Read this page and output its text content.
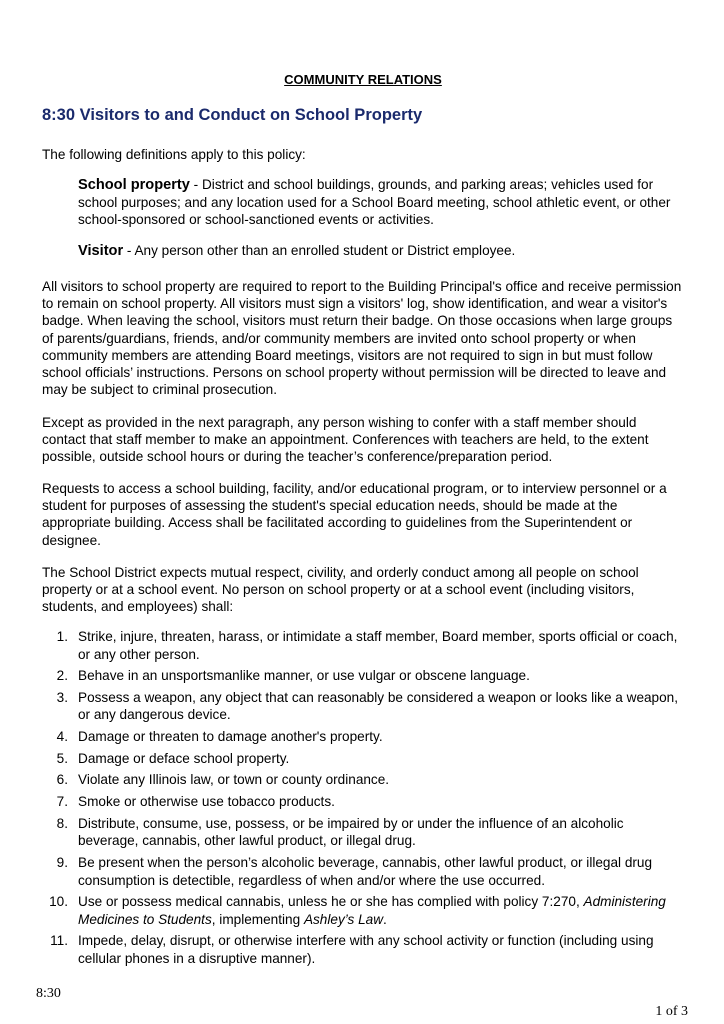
COMMUNITY RELATIONS
8:30 Visitors to and Conduct on School Property

The following definitions apply to this policy:

School property - District and school buildings, grounds, and parking areas; vehicles used for school purposes; and any location used for a School Board meeting, school athletic event, or other school-sponsored or school-sanctioned events or activities.

Visitor - Any person other than an enrolled student or District employee.

All visitors to school property are required to report to the Building Principal's office and receive permission to remain on school property. All visitors must sign a visitors' log, show identification, and wear a visitor's badge. When leaving the school, visitors must return their badge. On those occasions when large groups of parents/guardians, friends, and/or community members are invited onto school property or when community members are attending Board meetings, visitors are not required to sign in but must follow school officials’ instructions. Persons on school property without permission will be directed to leave and may be subject to criminal prosecution.

Except as provided in the next paragraph, any person wishing to confer with a staff member should contact that staff member to make an appointment. Conferences with teachers are held, to the extent possible, outside school hours or during the teacher’s conference/preparation period.

Requests to access a school building, facility, and/or educational program, or to interview personnel or a student for purposes of assessing the student's special education needs, should be made at the appropriate building. Access shall be facilitated according to guidelines from the Superintendent or designee.

The School District expects mutual respect, civility, and orderly conduct among all people on school property or at a school event. No person on school property or at a school event (including visitors, students, and employees) shall:

1. Strike, injure, threaten, harass, or intimidate a staff member, Board member, sports official or coach, or any other person.
2. Behave in an unsportsmanlike manner, or use vulgar or obscene language.
3. Possess a weapon, any object that can reasonably be considered a weapon or looks like a weapon, or any dangerous device.
4. Damage or threaten to damage another's property.
5. Damage or deface school property.
6. Violate any Illinois law, or town or county ordinance.
7. Smoke or otherwise use tobacco products.
8. Distribute, consume, use, possess, or be impaired by or under the influence of an alcoholic beverage, cannabis, other lawful product, or illegal drug.
9. Be present when the person’s alcoholic beverage, cannabis, other lawful product, or illegal drug consumption is detectible, regardless of when and/or where the use occurred.
10. Use or possess medical cannabis, unless he or she has complied with policy 7:270, Administering Medicines to Students, implementing Ashley’s Law.
11. Impede, delay, disrupt, or otherwise interfere with any school activity or function (including using cellular phones in a disruptive manner).
8:30
1 of 3
